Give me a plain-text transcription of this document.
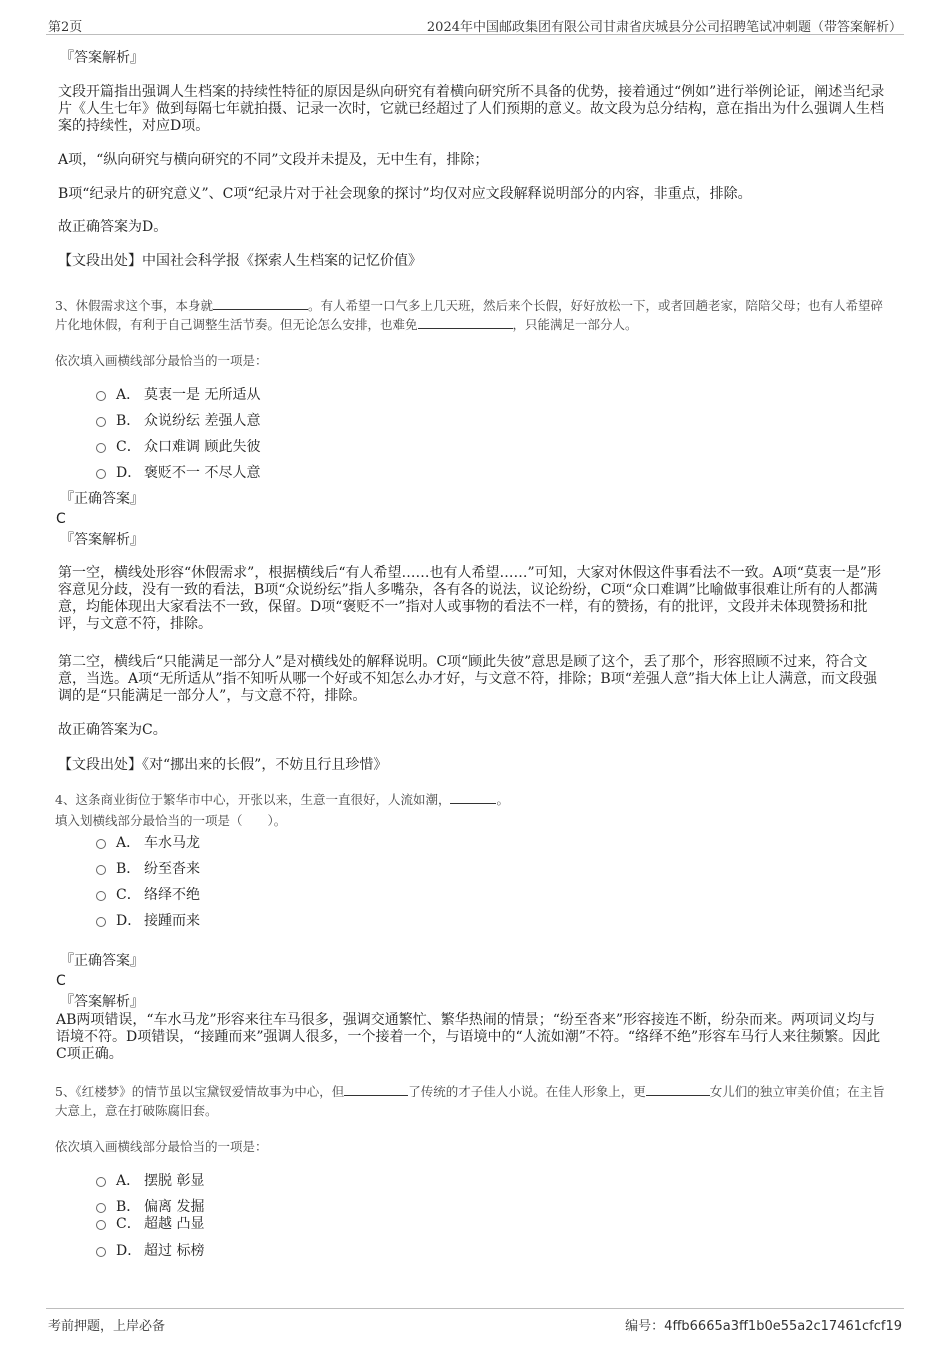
第2页	2024年中国邮政集团有限公司甘肃省庆城县分公司招聘笔试冲刺题（带答案解析）
『答案解析』
文段开篇指出强调人生档案的持续性特征的原因是纵向研究有着横向研究所不具备的优势，接着通过“例如”进行举例论证，阐述当纪录片《人生七年》做到每隔七年就拍摄、记录一次时，它就已经超过了人们预期的意义。故文段为总分结构，意在指出为什么强调人生档案的持续性，对应D项。
A项，“纵向研究与横向研究的不同”文段并未提及，无中生有，排除；
B项“纪录片的研究意义”、C项“纪录片对于社会现象的探讨”均仅对应文段解释说明部分的内容，非重点，排除。
故正确答案为D。
【文段出处】中国社会科学报《探索人生档案的记忆价值》
3、休假需求这个事，本身就	。有人希望一口气多上几天班，然后来个长假，好好放松一下，或者回趟老家，陪陪父母；也有人希望碎片化地休假，有利于自己调整生活节奏。但无论怎么安排，也难免	，只能满足一部分人。
依次填入画横线部分最恰当的一项是：
A． 莫衷一是 无所适从
B． 众说纷纭 差强人意
C． 众口难调 顾此失彼
D． 褒贬不一 不尽人意
『正确答案』
C
『答案解析』
第一空，横线处形容“休假需求”，根据横线后“有人希望……也有人希望……”可知，大家对休假这件事看法不一致。A项“莫衷一是”形容意见分歧，没有一致的看法，B项“众说纷纭”指人多嘴杂，各有各的说法，议论纷纷，C项“众口难调”比喻做事很难让所有的人都满意，均能体现出大家看法不一致，保留。D项“褒贬不一”指对人或事物的看法不一样，有的赞扬，有的批评，文段并未体现赞扬和批评，与文意不符，排除。
第二空，横线后“只能满足一部分人”是对横线处的解释说明。C项“顾此失彼”意思是顾了这个，丢了那个，形容照顾不过来，符合文意，当选。A项“无所适从”指不知听从哪一个好或不知怎么办才好，与文意不符，排除；B项“差强人意”指大体上让人满意，而文段强调的是“只能满足一部分人”，与文意不符，排除。
故正确答案为C。
【文段出处】《对“挪出来的长假”，不妨且行且珍惜》
4、这条商业街位于繁华市中心，开张以来，生意一直很好，人流如潮，	。
填入划横线部分最恰当的一项是（　　）。
A． 车水马龙
B． 纷至沓来
C． 络绎不绝
D． 接踵而来
『正确答案』
C
『答案解析』
AB两项错误，“车水马龙”形容来往车马很多，强调交通繁忙、繁华热闹的情景；“纷至沓来”形容接连不断，纷杂而来。两项词义均与语境不符。D项错误，“接踵而来”强调人很多，一个接着一个，与语境中的“人流如潮”不符。“络绎不绝”形容车马行人来往频繁。因此C项正确。
5、《红楼梦》的情节虽以宝黛钗爱情故事为中心，但	了传统的才子佳人小说。在佳人形象上，更	女儿们的独立审美价值；在主旨大意上，意在打破陈腐旧套。
依次填入画横线部分最恰当的一项是：
A． 摆脱 彰显
B． 偏离 发掘
C． 超越 凸显
D． 超过 标榜
考前押题，上岸必备	编号：4ffb6665a3ff1b0e55a2c17461cfcf19
